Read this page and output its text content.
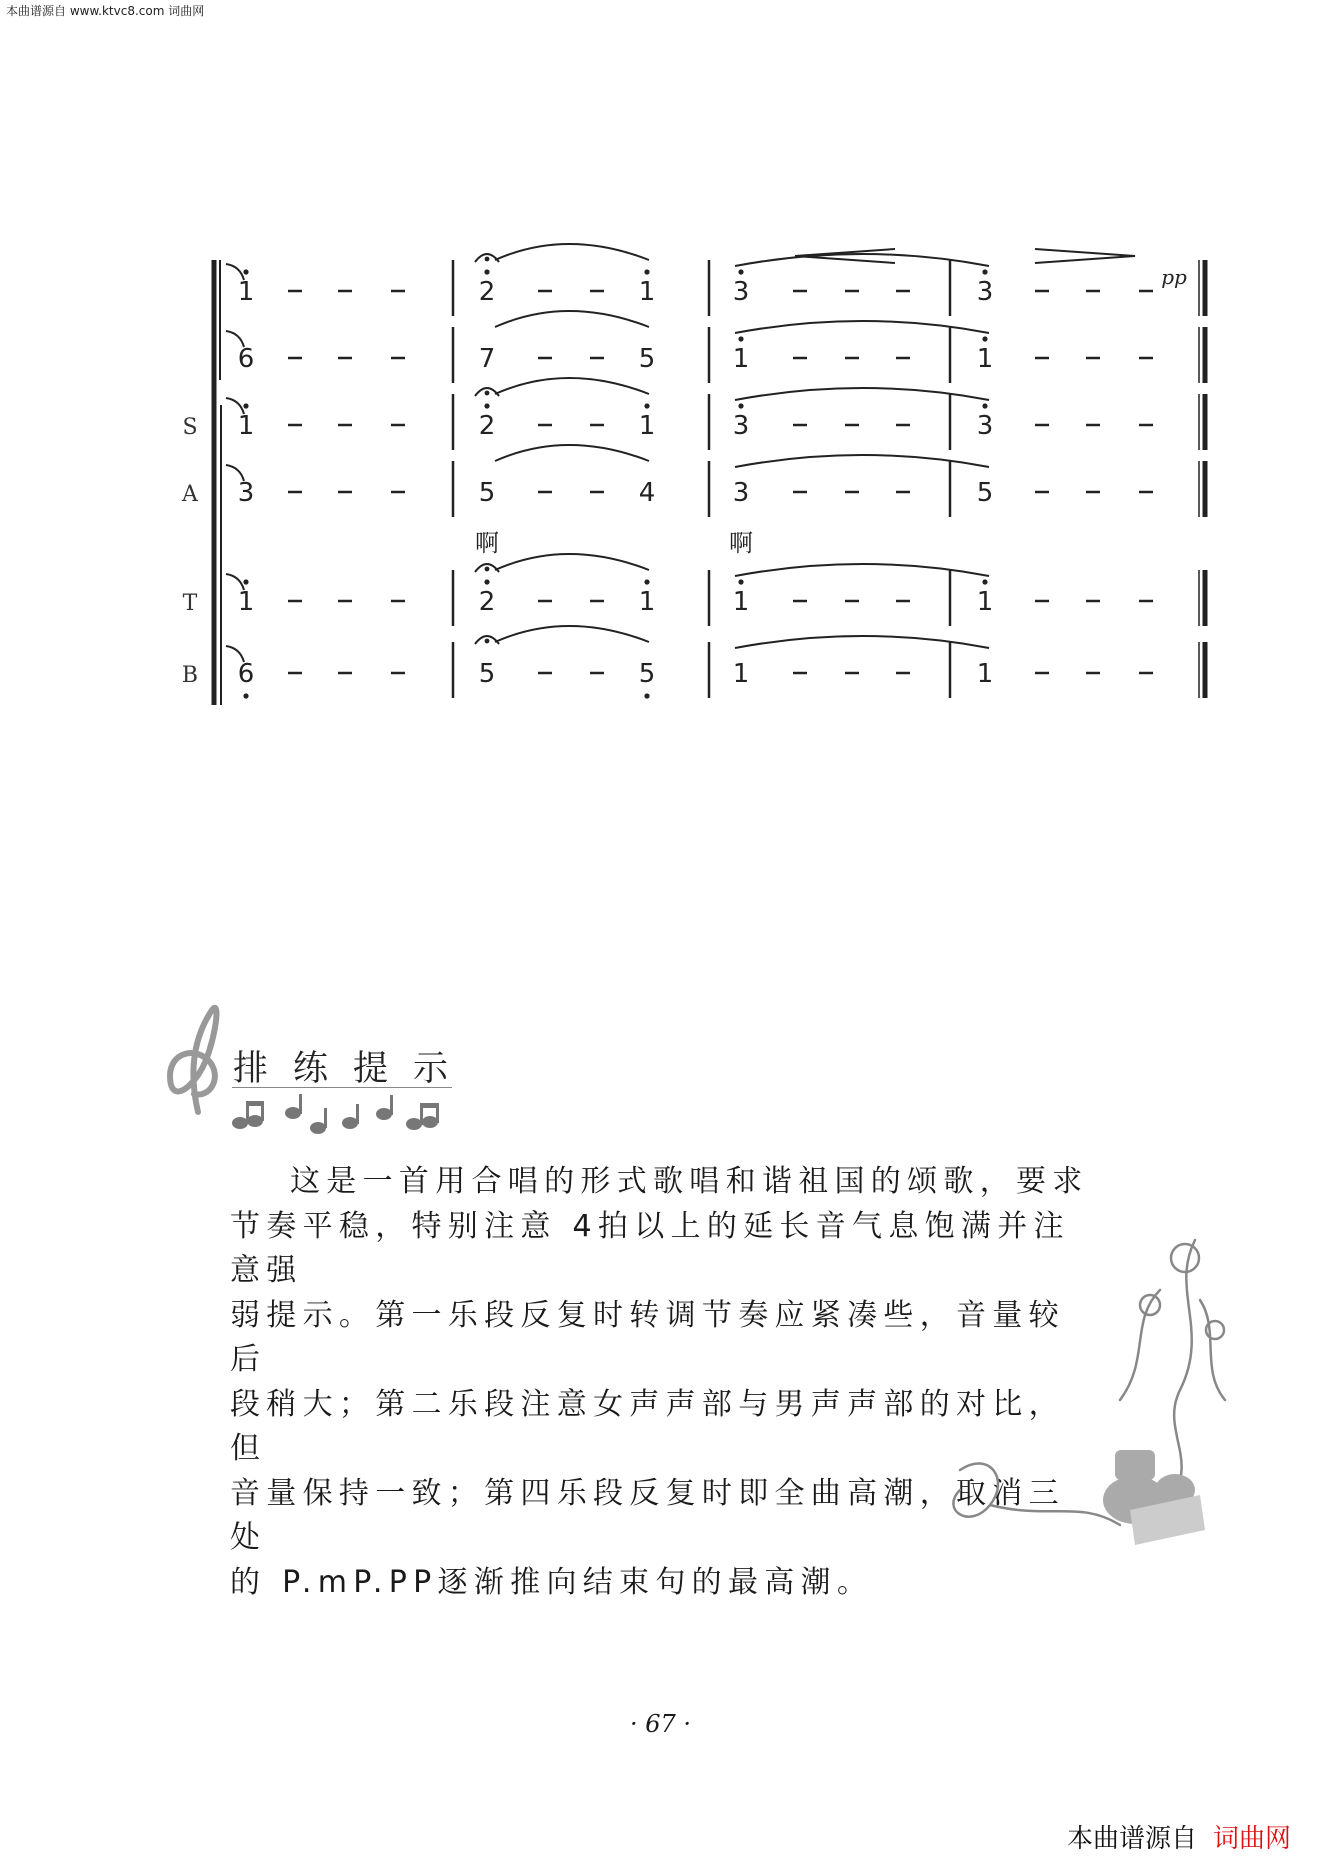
本曲谱源自 www.ktvc8.com 词曲网
1	2	1	3	3
6	7	5	1	1
S 1	2	1	3	3
A 3	5	4	3	5
T 1	2	1	1	1
B 6	5	5	1	1
pp
啊	啊
排练提示

这是一首用合唱的形式歌唱和谐祖国的颂歌，要求

节奏平稳，特别注意 4拍以上的延长音气息饱满并注意强

弱提示。第一乐段反复时转调节奏应紧凑些，音量较后

段稍大；第二乐段注意女声声部与男声声部的对比，但

音量保持一致；第四乐段反复时即全曲高潮，取消三处

的 P.mP.PP逐渐推向结束句的最高潮。

· 67 ·
本曲谱源自 词曲网
